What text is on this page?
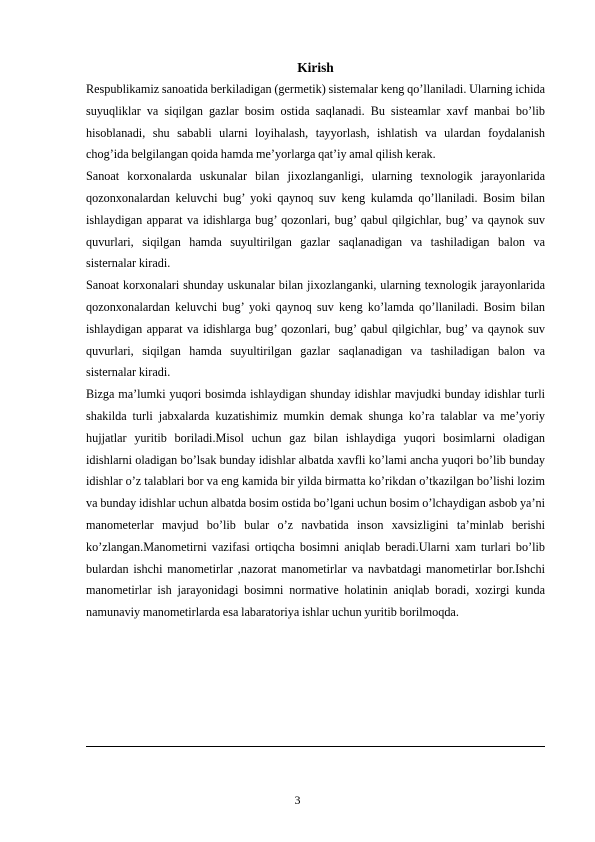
Kirish

Respublikamiz sanoatida berkiladigan (germetik) sistemalar keng qo’llaniladi. Ularning ichida suyuqliklar va siqilgan gazlar bosim ostida saqlanadi. Bu sisteamlar xavf manbai bo’lib hisoblanadi, shu sababli ularni loyihalash, tayyorlash, ishlatish va ulardan foydalanish chog’ida belgilangan qoida hamda me’yorlarga qat’iy amal qilish kerak.

Sanoat korxonalarda uskunalar bilan jixozlanganligi, ularning texnologik jarayonlarida qozonxonalardan keluvchi bug’ yoki qaynoq suv keng kulamda qo’llaniladi. Bosim bilan ishlaydigan apparat va idishlarga bug’ qozonlari, bug’ qabul qilgichlar, bug’ va qaynok suv quvurlari, siqilgan hamda suyultirilgan gazlar saqlanadigan va tashiladigan balon va sisternalar kiradi.

Sanoat korxonalari shunday uskunalar bilan jixozlanganki, ularning texnologik jarayonlarida qozonxonalardan keluvchi bug’ yoki qaynoq suv keng ko’lamda qo’llaniladi. Bosim bilan ishlaydigan apparat va idishlarga bug’ qozonlari, bug’ qabul qilgichlar, bug’ va qaynok suv quvurlari, siqilgan hamda suyultirilgan gazlar saqlanadigan va tashiladigan balon va sisternalar kiradi.

Bizga ma’lumki yuqori bosimda ishlaydigan shunday idishlar mavjudki bunday idishlar turli shakilda turli jabxalarda kuzatishimiz mumkin demak shunga ko’ra talablar va me’yoriy hujjatlar yuritib boriladi.Misol uchun gaz bilan ishlaydiga yuqori bosimlarni oladigan idishlarni oladigan bo’lsak bunday idishlar albatda xavfli ko’lami ancha yuqori bo’lib bunday idishlar o’z talablari bor va eng kamida bir yilda birmatta ko’rikdan o’tkazilgan bo’lishi lozim va bunday idishlar uchun albatda bosim ostida bo’lgani uchun bosim o’lchaydigan asbob ya’ni manometerlar mavjud bo’lib bular o’z navbatida inson xavsizligini ta’minlab berishi ko’zlangan.Manometirni vazifasi ortiqcha bosimni aniqlab beradi.Ularni xam turlari bo’lib bulardan ishchi manometirlar ,nazorat manometirlar va navbatdagi manometirlar bor.Ishchi manometirlar ish jarayonidagi bosimni normative holatinin aniqlab boradi, xozirgi kunda namunaviy manometirlarda esa labaratoriya ishlar uchun yuritib borilmoqda.

3
